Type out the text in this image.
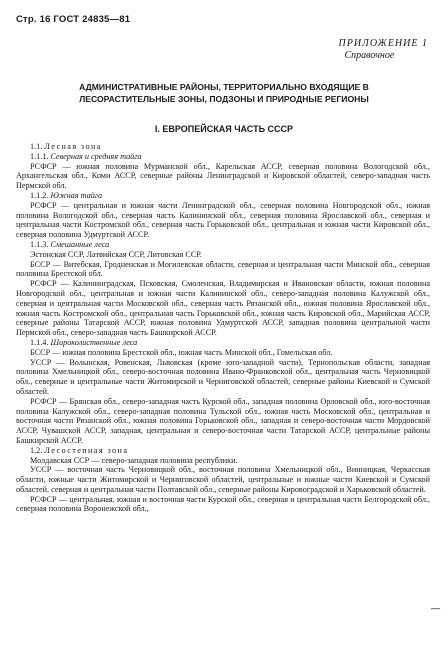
Стр. 16 ГОСТ 24835—81
ПРИЛОЖЕНИЕ 1
Справочное
АДМИНИСТРАТИВНЫЕ РАЙОНЫ, ТЕРРИТОРИАЛЬНО ВХОДЯЩИЕ В
ЛЕСОРАСТИТЕЛЬНЫЕ ЗОНЫ, ПОДЗОНЫ И ПРИРОДНЫЕ РЕГИОНЫ
I. ЕВРОПЕЙСКАЯ ЧАСТЬ СССР
1.1. Лесная зона
1.1.1. Северная и средняя тайга

РСФСР — южная половина Мурманской обл., Карельская АССР, северная половина Вологодской обл., Архангельская обл., Коми АССР, северные районы Ленинградской и Кировской областей, северо-западная часть Пермской обл.

1.1.2. Южная тайга

РСФСР — центральная и южная части Ленинградской обл., северная половина Новгородской обл., южная половина Вологодской обл., северная часть Калининской обл., северная половина Ярославской обл., северная и центральная части Костромской обл., северная часть Горьковской обл., центральная и южная части Кировской обл., северная половина Удмуртской АССР.

1.1.3. Смешанные леса

Эстонская ССР, Латвийская ССР, Литовская ССР.

БССР — Витебская, Гродненская и Могилевская области, северная и центральная части Минской обл., северная половина Брестской обл.

РСФСР — Калининградская, Псковская, Смоленская, Владимирская и Ивановская области, южная половина Новгородской обл., центральная и южная части Калининской обл., северо-западная половина Калужской обл., северная и центральная части Московской обл., северная часть Рязанской обл., южная половина Ярославской обл., южная часть Костромской обл., центральная часть Горьковской обл., южная часть Кировской обл., Марийская АССР, северные районы Татарской АССР, южная половина Удмуртской АССР, западная половина центральной части Пермской обл., северо-западная часть Башкирской АССР.

1.1.4. Широколиственные леса

БССР — южная половина Брестской обл., южная часть Минской обл., Гомельская обл.

УССР — Волынская, Ровенская, Львовская (кроме юго-западной части), Тернопольская области, западная половина Хмельницкой обл., северо-восточная половина Ивано-Франковской обл., центральная часть Черновицкой обл., северные и центральные части Житомирской и Черниговской областей, северные районы Киевской и Сумской областей.

РСФСР — Брянская обл., северо-западная часть Курской обл., западная половина Орловской обл., юго-восточная половина Калужской обл., северо-западная половина Тульской обл., южная часть Московской обл., центральная и восточная части Рязанской обл., южная половина Горьковской обл., западная и северо-восточная части Мордовской АССР, Чувашской АССР, западная, центральная и северо-восточная части Татарской АССР, центральные районы Башкирской АССР.

1.2. Лесостепная зона

Молдавская ССР — северо-западная половина республики.

УССР — восточная часть Черновицкой обл., восточная половина Хмельницкой обл., Винницкая, Черкасская области, южные части Житомирской и Черниговской областей, центральные и южные части Киевской и Сумской областей, северная и центральная части Полтавской обл., северные районы Кировоградской и Харьковской областей.

РСФСР — центральная, южная и восточная части Курской обл., северная и центральная части Белгородской обл., северная половина Воронежской обл.,

—
